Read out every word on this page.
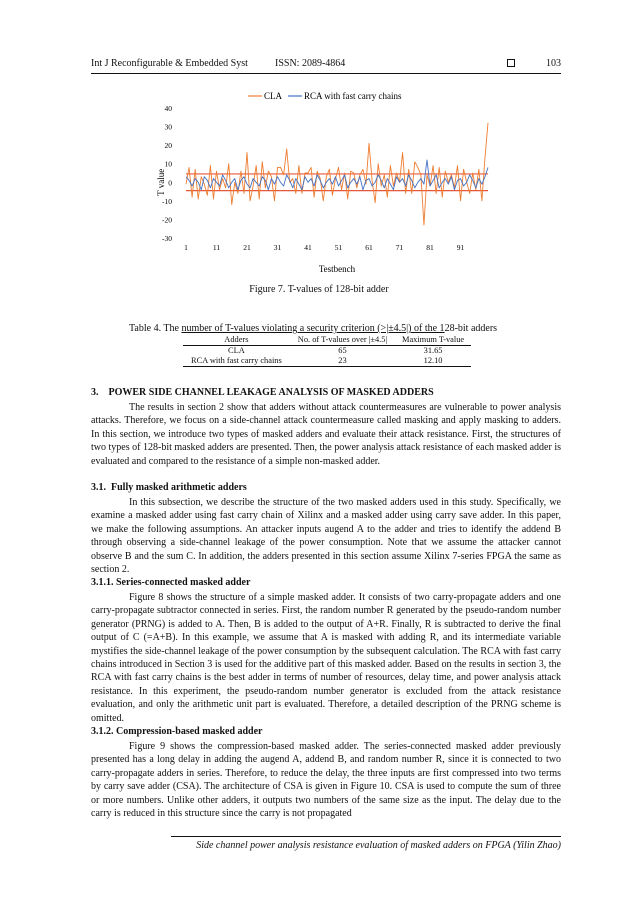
Int J Reconfigurable & Embedded Syst	ISSN: 2089-4864	103
-30
-20
-10
0
10
20
30
40
1	11	21	31	41	51	61	71	81	91
T value
Testbench
CLA RCA with fast carry chains
Figure 7. T-values of 128-bit adder
Table 4. The number of T-values violating a security criterion (>|±4.5|) of the 128-bit adders
Adders	No. of T-values over |±4.5|	Maximum T-value
CLA	65	31.65
RCA with fast carry chains	23	12.10
3.    POWER SIDE CHANNEL LEAKAGE ANALYSIS OF MASKED ADDERS

The results in section 2 show that adders without attack countermeasures are vulnerable to power analysis attacks. Therefore, we focus on a side-channel attack countermeasure called masking and apply masking to adders. In this section, we introduce two types of masked adders and evaluate their attack resistance. First, the structures of two types of 128-bit masked adders are presented. Then, the power analysis attack resistance of each masked adder is evaluated and compared to the resistance of a simple non-masked adder.

3.1.  Fully masked arithmetic adders

In this subsection, we describe the structure of the two masked adders used in this study. Specifically, we examine a masked adder using fast carry chain of Xilinx and a masked adder using carry save adder. In this paper, we make the following assumptions. An attacker inputs augend A to the adder and tries to identify the addend B through observing a side-channel leakage of the power consumption. Note that we assume the attacker cannot observe B and the sum C. In addition, the adders presented in this section assume Xilinx 7-series FPGA the same as section 2.

3.1.1. Series-connected masked adder

Figure 8 shows the structure of a simple masked adder. It consists of two carry-propagate adders and one carry-propagate subtractor connected in series. First, the random number R generated by the pseudo-random number generator (PRNG) is added to A. Then, B is added to the output of A+R. Finally, R is subtracted to derive the final output of C (=A+B). In this example, we assume that A is masked with adding R, and its intermediate variable mystifies the side-channel leakage of the power consumption by the subsequent calculation. The RCA with fast carry chains introduced in Section 3 is used for the additive part of this masked adder. Based on the results in section 3, the RCA with fast carry chains is the best adder in terms of number of resources, delay time, and power analysis attack resistance. In this experiment, the pseudo-random number generator is excluded from the attack resistance evaluation, and only the arithmetic unit part is evaluated. Therefore, a detailed description of the PRNG scheme is omitted.

3.1.2. Compression-based masked adder

Figure 9 shows the compression-based masked adder. The series-connected masked adder previously presented has a long delay in adding the augend A, addend B, and random number R, since it is connected to two carry-propagate adders in series. Therefore, to reduce the delay, the three inputs are first compressed into two terms by carry save adder (CSA). The architecture of CSA is given in Figure 10. CSA is used to compute the sum of three or more numbers. Unlike other adders, it outputs two numbers of the same size as the input. The delay due to the carry is reduced in this structure since the carry is not propagated

Side channel power analysis resistance evaluation of masked adders on FPGA (Yilin Zhao)
